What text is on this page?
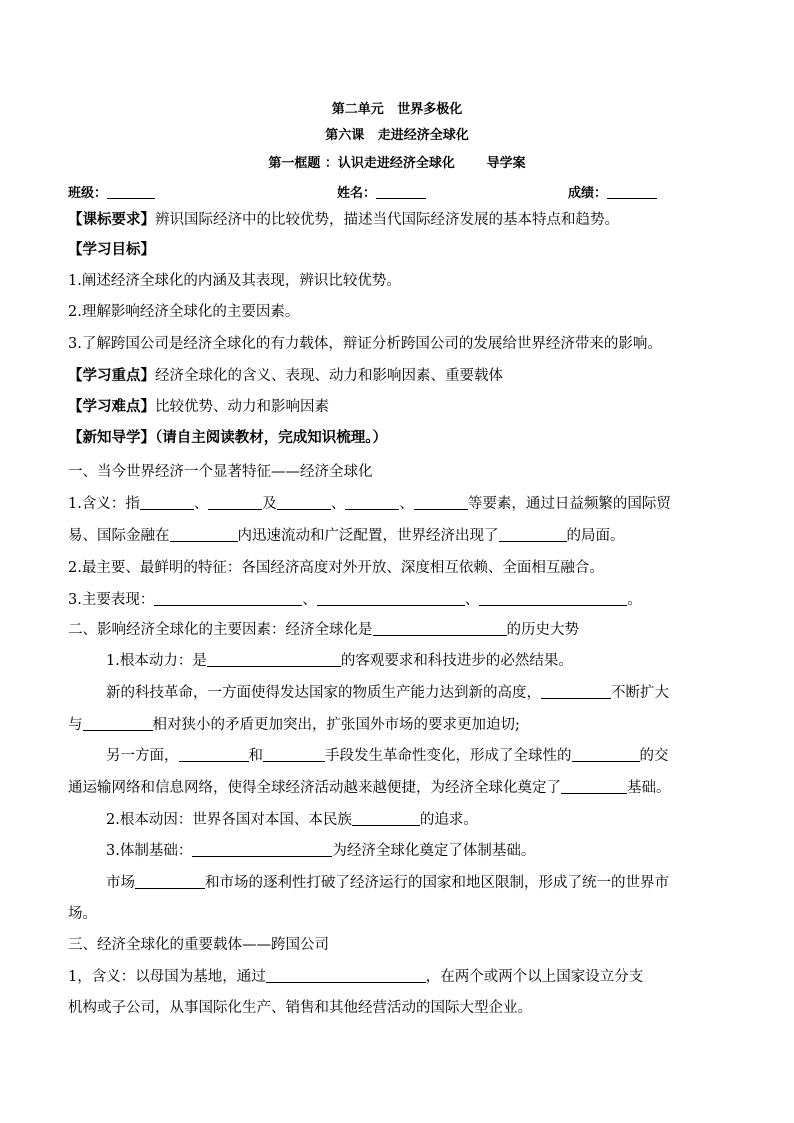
第二单元   世界多极化
第六课   走进经济全球化
第一框题 ：认识走进经济全球化       导学案
班级：	姓名：	成绩：
【课标要求】辨识国际经济中的比较优势，描述当代国际经济发展的基本特点和趋势。
【学习目标】
1.阐述经济全球化的内涵及其表现，辨识比较优势。
2.理解影响经济全球化的主要因素。
3.了解跨国公司是经济全球化的有力载体，辩证分析跨国公司的发展给世界经济带来的影响。
【学习重点】经济全球化的含义、表现、动力和影响因素、重要载体
【学习难点】比较优势、动力和影响因素
【新知导学】（请自主阅读教材，完成知识梳理。）
一、当今世界经济一个显著特征——经济全球化
1.含义：指	、	及	、	、	等要素，通过日益频繁的国际贸
易、国际金融在	内迅速流动和广泛配置，世界经济出现了	的局面。
2.最主要、最鲜明的特征：各国经济高度对外开放、深度相互依赖、全面相互融合。
3.主要表现：	、	、	。
二、影响经济全球化的主要因素：经济全球化是	的历史大势
1.根本动力：是	的客观要求和科技进步的必然结果。
新的科技革命，一方面使得发达国家的物质生产能力达到新的高度，	不断扩大
与	相对狭小的矛盾更加突出，扩张国外市场的要求更加迫切;
另一方面，	和	手段发生革命性变化，形成了全球性的	的交
通运输网络和信息网络，使得全球经济活动越来越便捷，为经济全球化奠定了	基础。
2.根本动因：世界各国对本国、本民族	的追求。
3.体制基础：	为经济全球化奠定了体制基础。
市场	和市场的逐利性打破了经济运行的国家和地区限制，形成了统一的世界市
场。
三、经济全球化的重要载体——跨国公司
1，含义：以母国为基地，通过	，在两个或两个以上国家设立分支
机构或子公司，从事国际化生产、销售和其他经营活动的国际大型企业。
